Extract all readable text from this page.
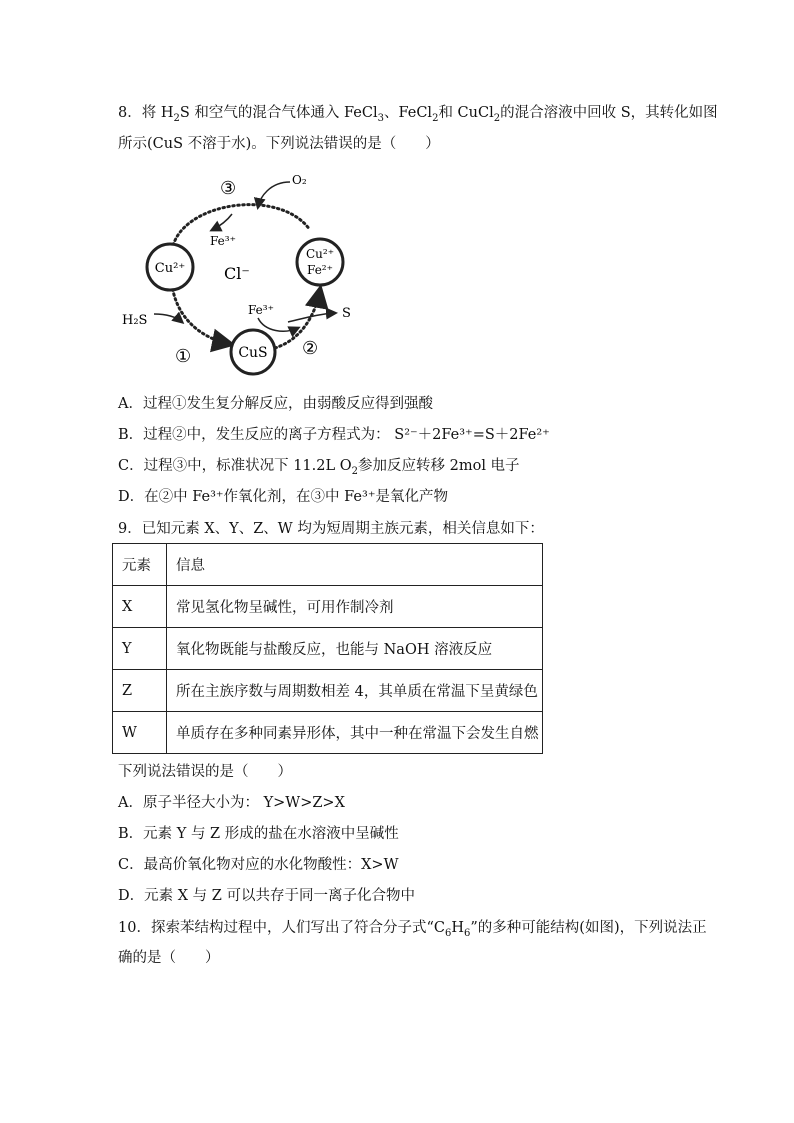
8．将 $H_2S$ 和空气的混合气体通入 FeCl$_3$、FeCl$_2$和 CuCl$_2$的混合溶液中回收 S，其转化如图
所示(CuS 不溶于水)。下列说法错误的是（　　）
Cu²⁺
Cu²⁺
Fe²⁺
CuS
Cl⁻
③	O₂
Fe³⁺
H₂S
①
Fe³⁺	S
②
A．过程①发生复分解反应，由弱酸反应得到强酸
B．过程②中，发生反应的离子方程式为： S²⁻＋2Fe³⁺=S＋2Fe²⁺
C．过程③中，标准状况下 11.2L $O_2$参加反应转移 2mol 电子
D．在②中 Fe³⁺作氧化剂，在③中 Fe³⁺是氧化产物
9．已知元素 X、Y、Z、W 均为短周期主族元素，相关信息如下：
元素	信息
X	常见氢化物呈碱性，可用作制冷剂
Y	氧化物既能与盐酸反应，也能与 NaOH 溶液反应
Z	所在主族序数与周期数相差 4，其单质在常温下呈黄绿色
W	单质存在多种同素异形体，其中一种在常温下会发生自燃
下列说法错误的是（　　）
A．原子半径大小为： Y>W>Z>X
B．元素 Y 与 Z 形成的盐在水溶液中呈碱性
C．最高价氧化物对应的水化物酸性：X>W
D．元素 X 与 Z 可以共存于同一离子化合物中
10．探索苯结构过程中，人们写出了符合分子式“$C_6H_6$”的多种可能结构(如图)，下列说法正
确的是（　　）
